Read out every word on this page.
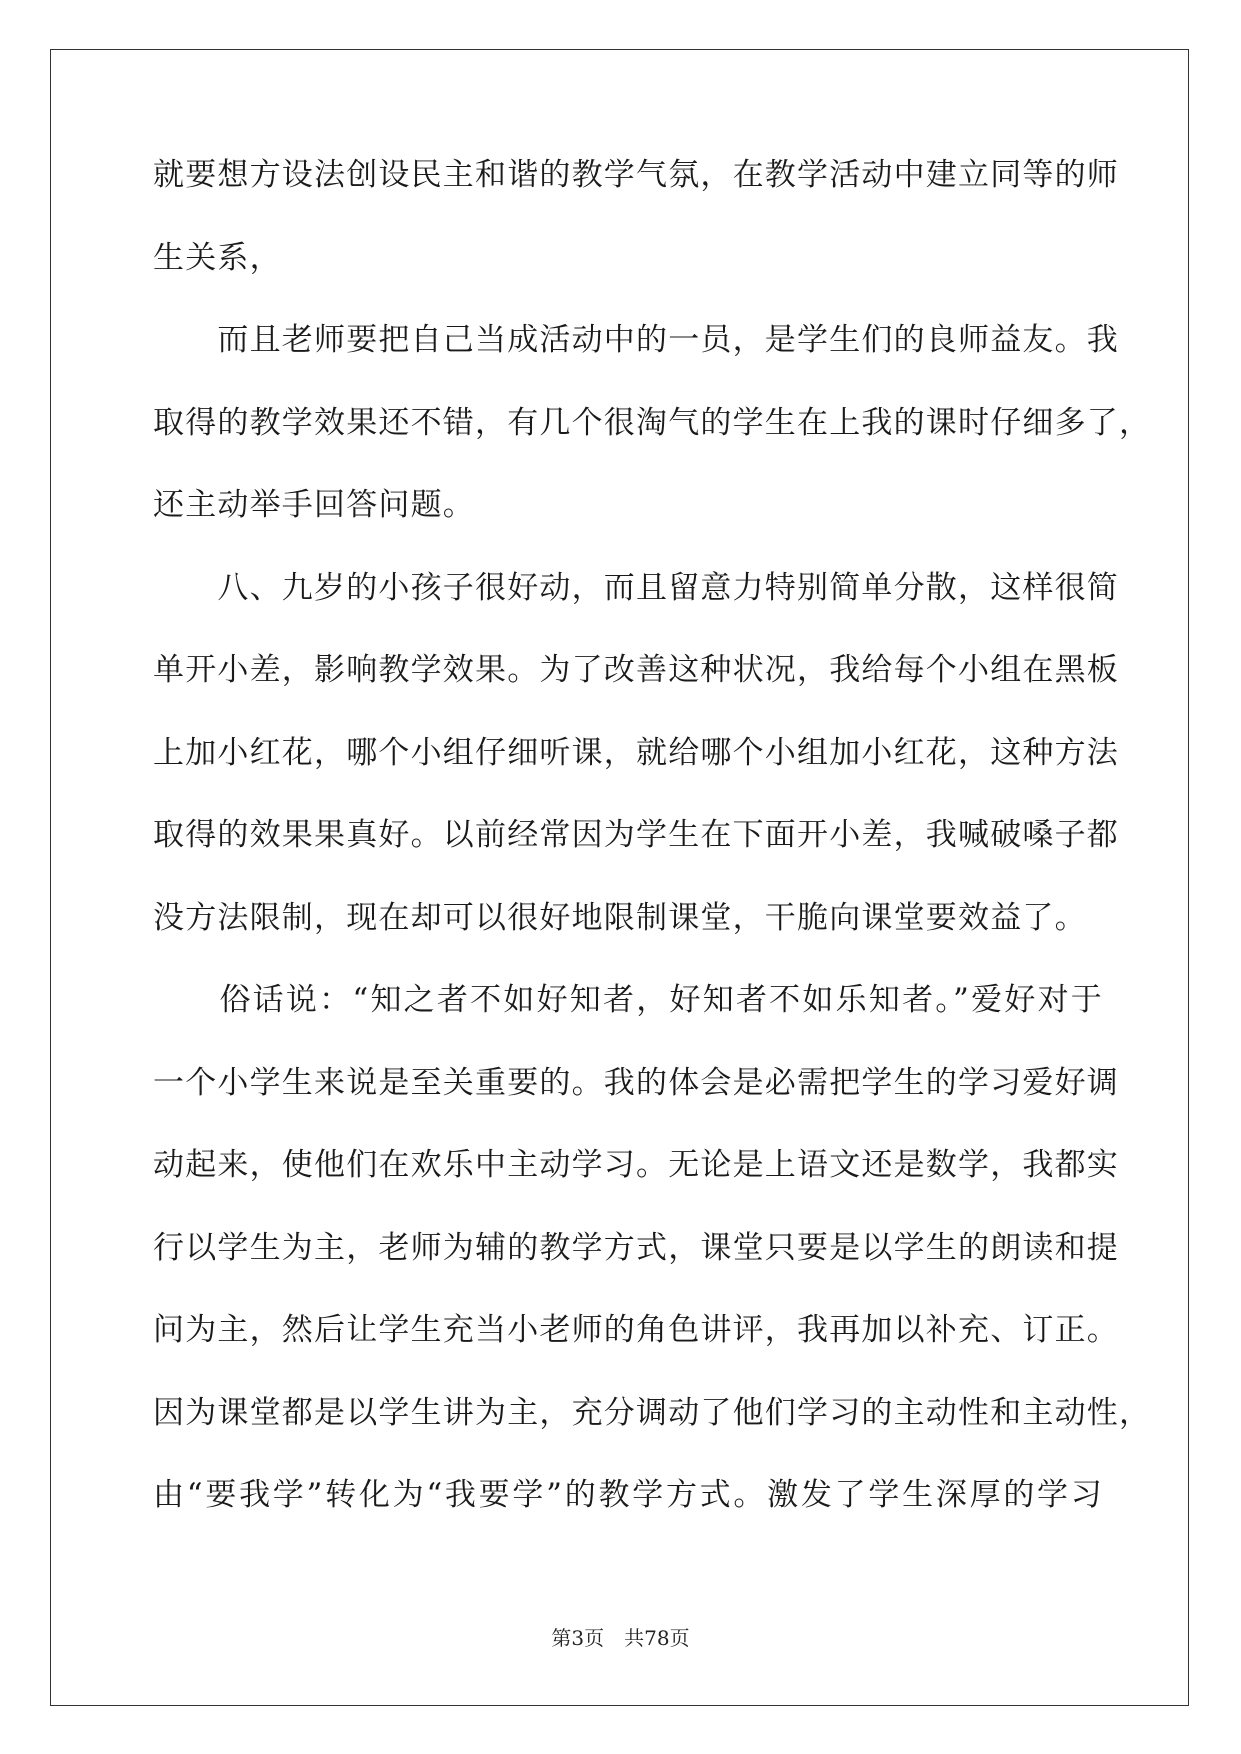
就要想方设法创设民主和谐的教学气氛，在教学活动中建立同等的师
生关系，
　　而且老师要把自己当成活动中的一员，是学生们的良师益友。我
取得的教学效果还不错，有几个很淘气的学生在上我的课时仔细多了，
还主动举手回答问题。
　　八、九岁的小孩子很好动，而且留意力特别简单分散，这样很简
单开小差，影响教学效果。为了改善这种状况，我给每个小组在黑板
上加小红花，哪个小组仔细听课，就给哪个小组加小红花，这种方法
取得的效果果真好。以前经常因为学生在下面开小差，我喊破嗓子都
没方法限制，现在却可以很好地限制课堂，干脆向课堂要效益了。
　　俗话说：“知之者不如好知者，好知者不如乐知者。”爱好对于
一个小学生来说是至关重要的。我的体会是必需把学生的学习爱好调
动起来，使他们在欢乐中主动学习。无论是上语文还是数学，我都实
行以学生为主，老师为辅的教学方式，课堂只要是以学生的朗读和提
问为主，然后让学生充当小老师的角色讲评，我再加以补充、订正。
因为课堂都是以学生讲为主，充分调动了他们学习的主动性和主动性，
由“要我学”转化为“我要学”的教学方式。激发了学生深厚的学习
第3页 共78页
